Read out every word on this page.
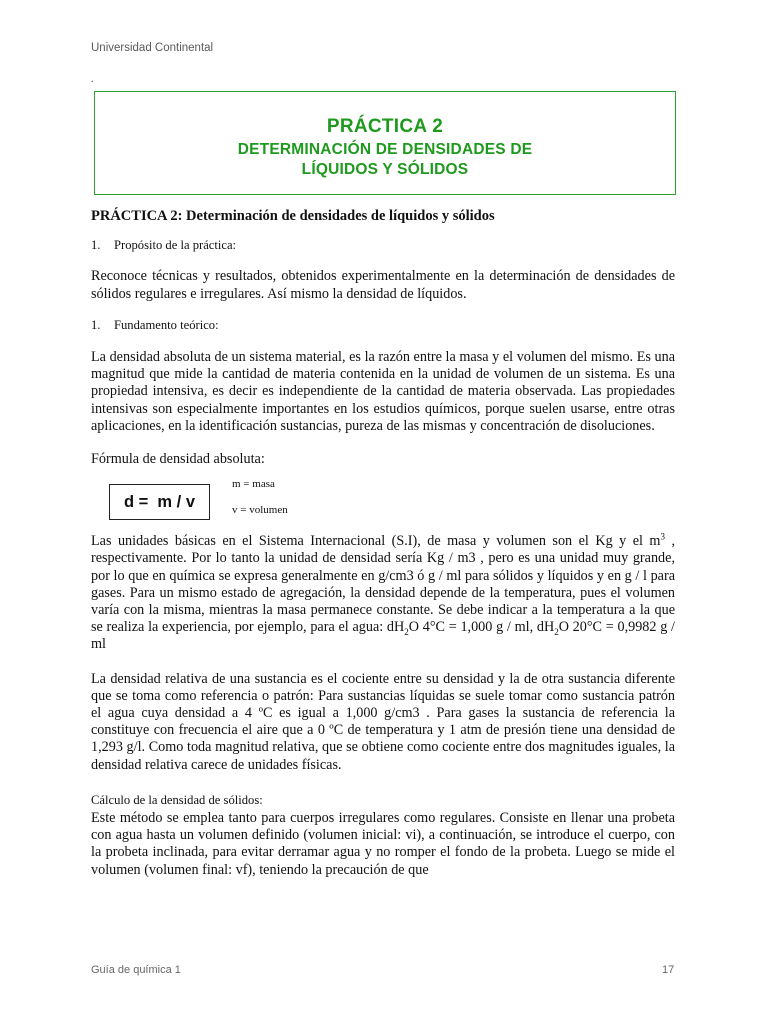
Universidad Continental
.
PRÁCTICA 2
DETERMINACIÓN DE DENSIDADES DE
LÍQUIDOS Y SÓLIDOS

PRÁCTICA 2: Determinación de densidades de líquidos y sólidos

1.	Propósito de la práctica:

Reconoce técnicas y resultados, obtenidos experimentalmente en la determinación de densidades de sólidos regulares e irregulares. Así mismo la densidad de líquidos.

1.	Fundamento teórico:

La densidad absoluta de un sistema material, es la razón entre la masa y el volumen del mismo. Es una magnitud que mide la cantidad de materia contenida en la unidad de volumen de un sistema. Es una propiedad intensiva, es decir es independiente de la cantidad de materia observada. Las propiedades intensivas son especialmente importantes en los estudios químicos, porque suelen usarse, entre otras aplicaciones, en la identificación sustancias, pureza de las mismas y concentración de disoluciones.

Fórmula de densidad absoluta:

d =  m / v
m = masa
v = volumen

Las unidades básicas en el Sistema Internacional (S.I), de masa y volumen son el Kg y el $m^3$ , respectivamente. Por lo tanto la unidad de densidad sería Kg / m3 , pero es una unidad muy grande, por lo que en química se expresa generalmente en g/cm3 ó g / ml para sólidos y líquidos y en g / l para gases. Para un mismo estado de agregación, la densidad depende de la temperatura, pues el volumen varía con la misma, mientras la masa permanece constante. Se debe indicar a la temperatura a la que se realiza la experiencia, por ejemplo, para el agua: $dH_2O$ 4°C = 1,000 g / ml, $dH_2O$ 20°C = 0,9982 g / ml

La densidad relativa de una sustancia es el cociente entre su densidad y la de otra sustancia diferente que se toma como referencia o patrón: Para sustancias líquidas se suele tomar como sustancia patrón el agua cuya densidad a 4 ºC es igual a 1,000 g/cm3 . Para gases la sustancia de referencia la constituye con frecuencia el aire que a 0 ºC de temperatura y 1 atm de presión tiene una densidad de 1,293 g/l. Como toda magnitud relativa, que se obtiene como cociente entre dos magnitudes iguales, la densidad relativa carece de unidades físicas.

Cálculo de la densidad de sólidos:

Este método se emplea tanto para cuerpos irregulares como regulares. Consiste en llenar una probeta con agua hasta un volumen definido (volumen inicial: vi), a continuación, se introduce el cuerpo, con la probeta inclinada, para evitar derramar agua y no romper el fondo de la probeta. Luego se mide el volumen (volumen final: vf), teniendo la precaución de que

Guía de química 1	17
